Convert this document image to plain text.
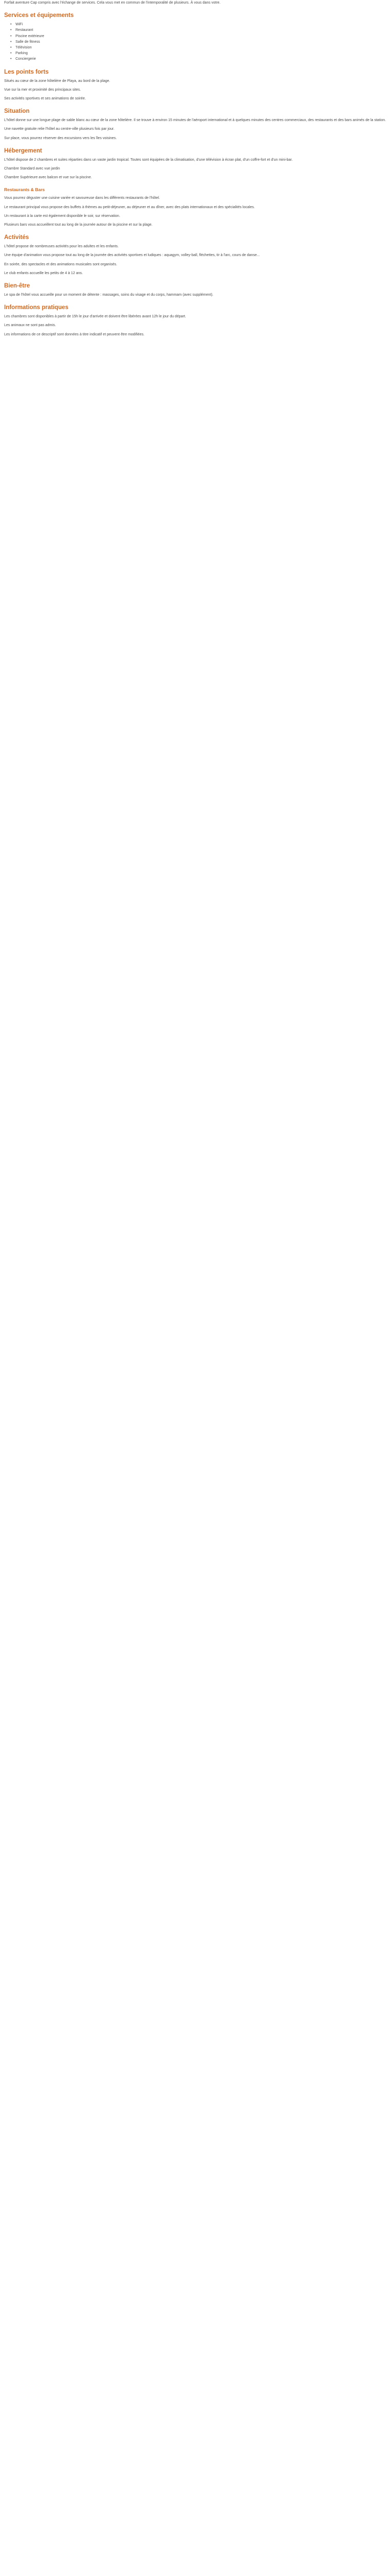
Forfait aventure Cap compris avec l'échange de services. Cela vous met en commun de l'intemporalité de plusieurs. À vous dans votre.

Services et équipements
• WiFi
• Restaurant
• Piscine extérieure
• Salle de fitness
• Télévision
• Parking
• Conciergerie
Les points forts

Situés au cœur de la zone hôtelière de Playa, au bord de la plage.

Vue sur la mer et proximité des principaux sites.

Ses activités sportives et ses animations de soirée.

Situation

L'hôtel donne sur une longue plage de sable blanc au cœur de la zone hôtelière. Il se trouve à environ 15 minutes de l'aéroport international et à quelques minutes des centres commerciaux, des restaurants et des bars animés de la station.

Une navette gratuite relie l'hôtel au centre-ville plusieurs fois par jour.

Sur place, vous pourrez réserver des excursions vers les îles voisines.

Hébergement

L'hôtel dispose de 2 chambres et suites réparties dans un vaste jardin tropical. Toutes sont équipées de la climatisation, d'une télévision à écran plat, d'un coffre-fort et d'un mini-bar.

Chambre Standard avec vue jardin

Chambre Supérieure avec balcon et vue sur la piscine.

Restaurants & Bars

Vous pourrez déguster une cuisine variée et savoureuse dans les différents restaurants de l'hôtel.

Le restaurant principal vous propose des buffets à thèmes au petit-déjeuner, au déjeuner et au dîner, avec des plats internationaux et des spécialités locales.

Un restaurant à la carte est également disponible le soir, sur réservation.

Plusieurs bars vous accueillent tout au long de la journée autour de la piscine et sur la plage.

Activités

L'hôtel propose de nombreuses activités pour les adultes et les enfants.

Une équipe d'animation vous propose tout au long de la journée des activités sportives et ludiques : aquagym, volley-ball, fléchettes, tir à l'arc, cours de danse...

En soirée, des spectacles et des animations musicales sont organisés.

Le club enfants accueille les petits de 4 à 12 ans.

Bien-être

Le spa de l'hôtel vous accueille pour un moment de détente : massages, soins du visage et du corps, hammam (avec supplément).

Informations pratiques

Les chambres sont disponibles à partir de 15h le jour d'arrivée et doivent être libérées avant 12h le jour du départ.

Les animaux ne sont pas admis.

Les informations de ce descriptif sont données à titre indicatif et peuvent être modifiées.
